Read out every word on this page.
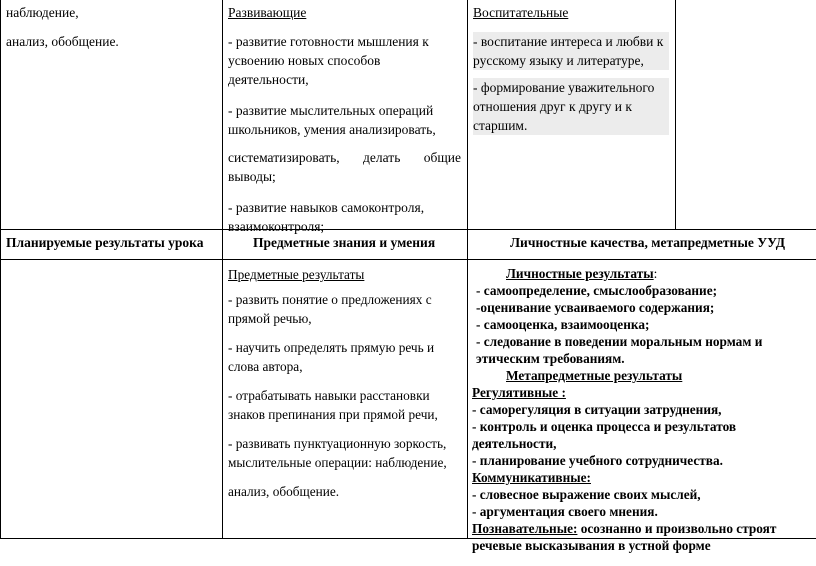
наблюдение,

анализ, обобщение.

Развивающие

- развитие готовности мышления к усвоению новых способов деятельности,

- развитие мыслительных операций школьников, умения анализировать,

систематизировать, делать общие выводы;

- развитие навыков самоконтроля, взаимоконтроля;

Воспитательные

- воспитание интереса и любви к русскому языку и литературе,

- формирование уважительного отношения друг к другу и к старшим.

Планируемые результаты урока	Предметные знания и умения	Личностные качества, метапредметные УУД

Предметные результаты

- развить понятие о предложениях с прямой речью,

- научить определять прямую речь и слова автора,

- отрабатывать навыки расстановки знаков препинания при прямой речи,

- развивать пунктуационную зоркость, мыслительные операции: наблюдение,

анализ, обобщение.

Личностные результаты:

- самоопределение, смыслообразование;

-оценивание усваиваемого содержания;

- самооценка, взаимооценка;

- следование в поведении моральным нормам и этическим требованиям.

Метапредметные результаты

Регулятивные :

- саморегуляция в ситуации затруднения,

- контроль и оценка процесса и результатов деятельности,

- планирование учебного сотрудничества.

Коммуникативные:

- словесное выражение своих мыслей,

- аргументация своего мнения.

Познавательные: осознанно и произвольно строят речевые высказывания в устной форме
